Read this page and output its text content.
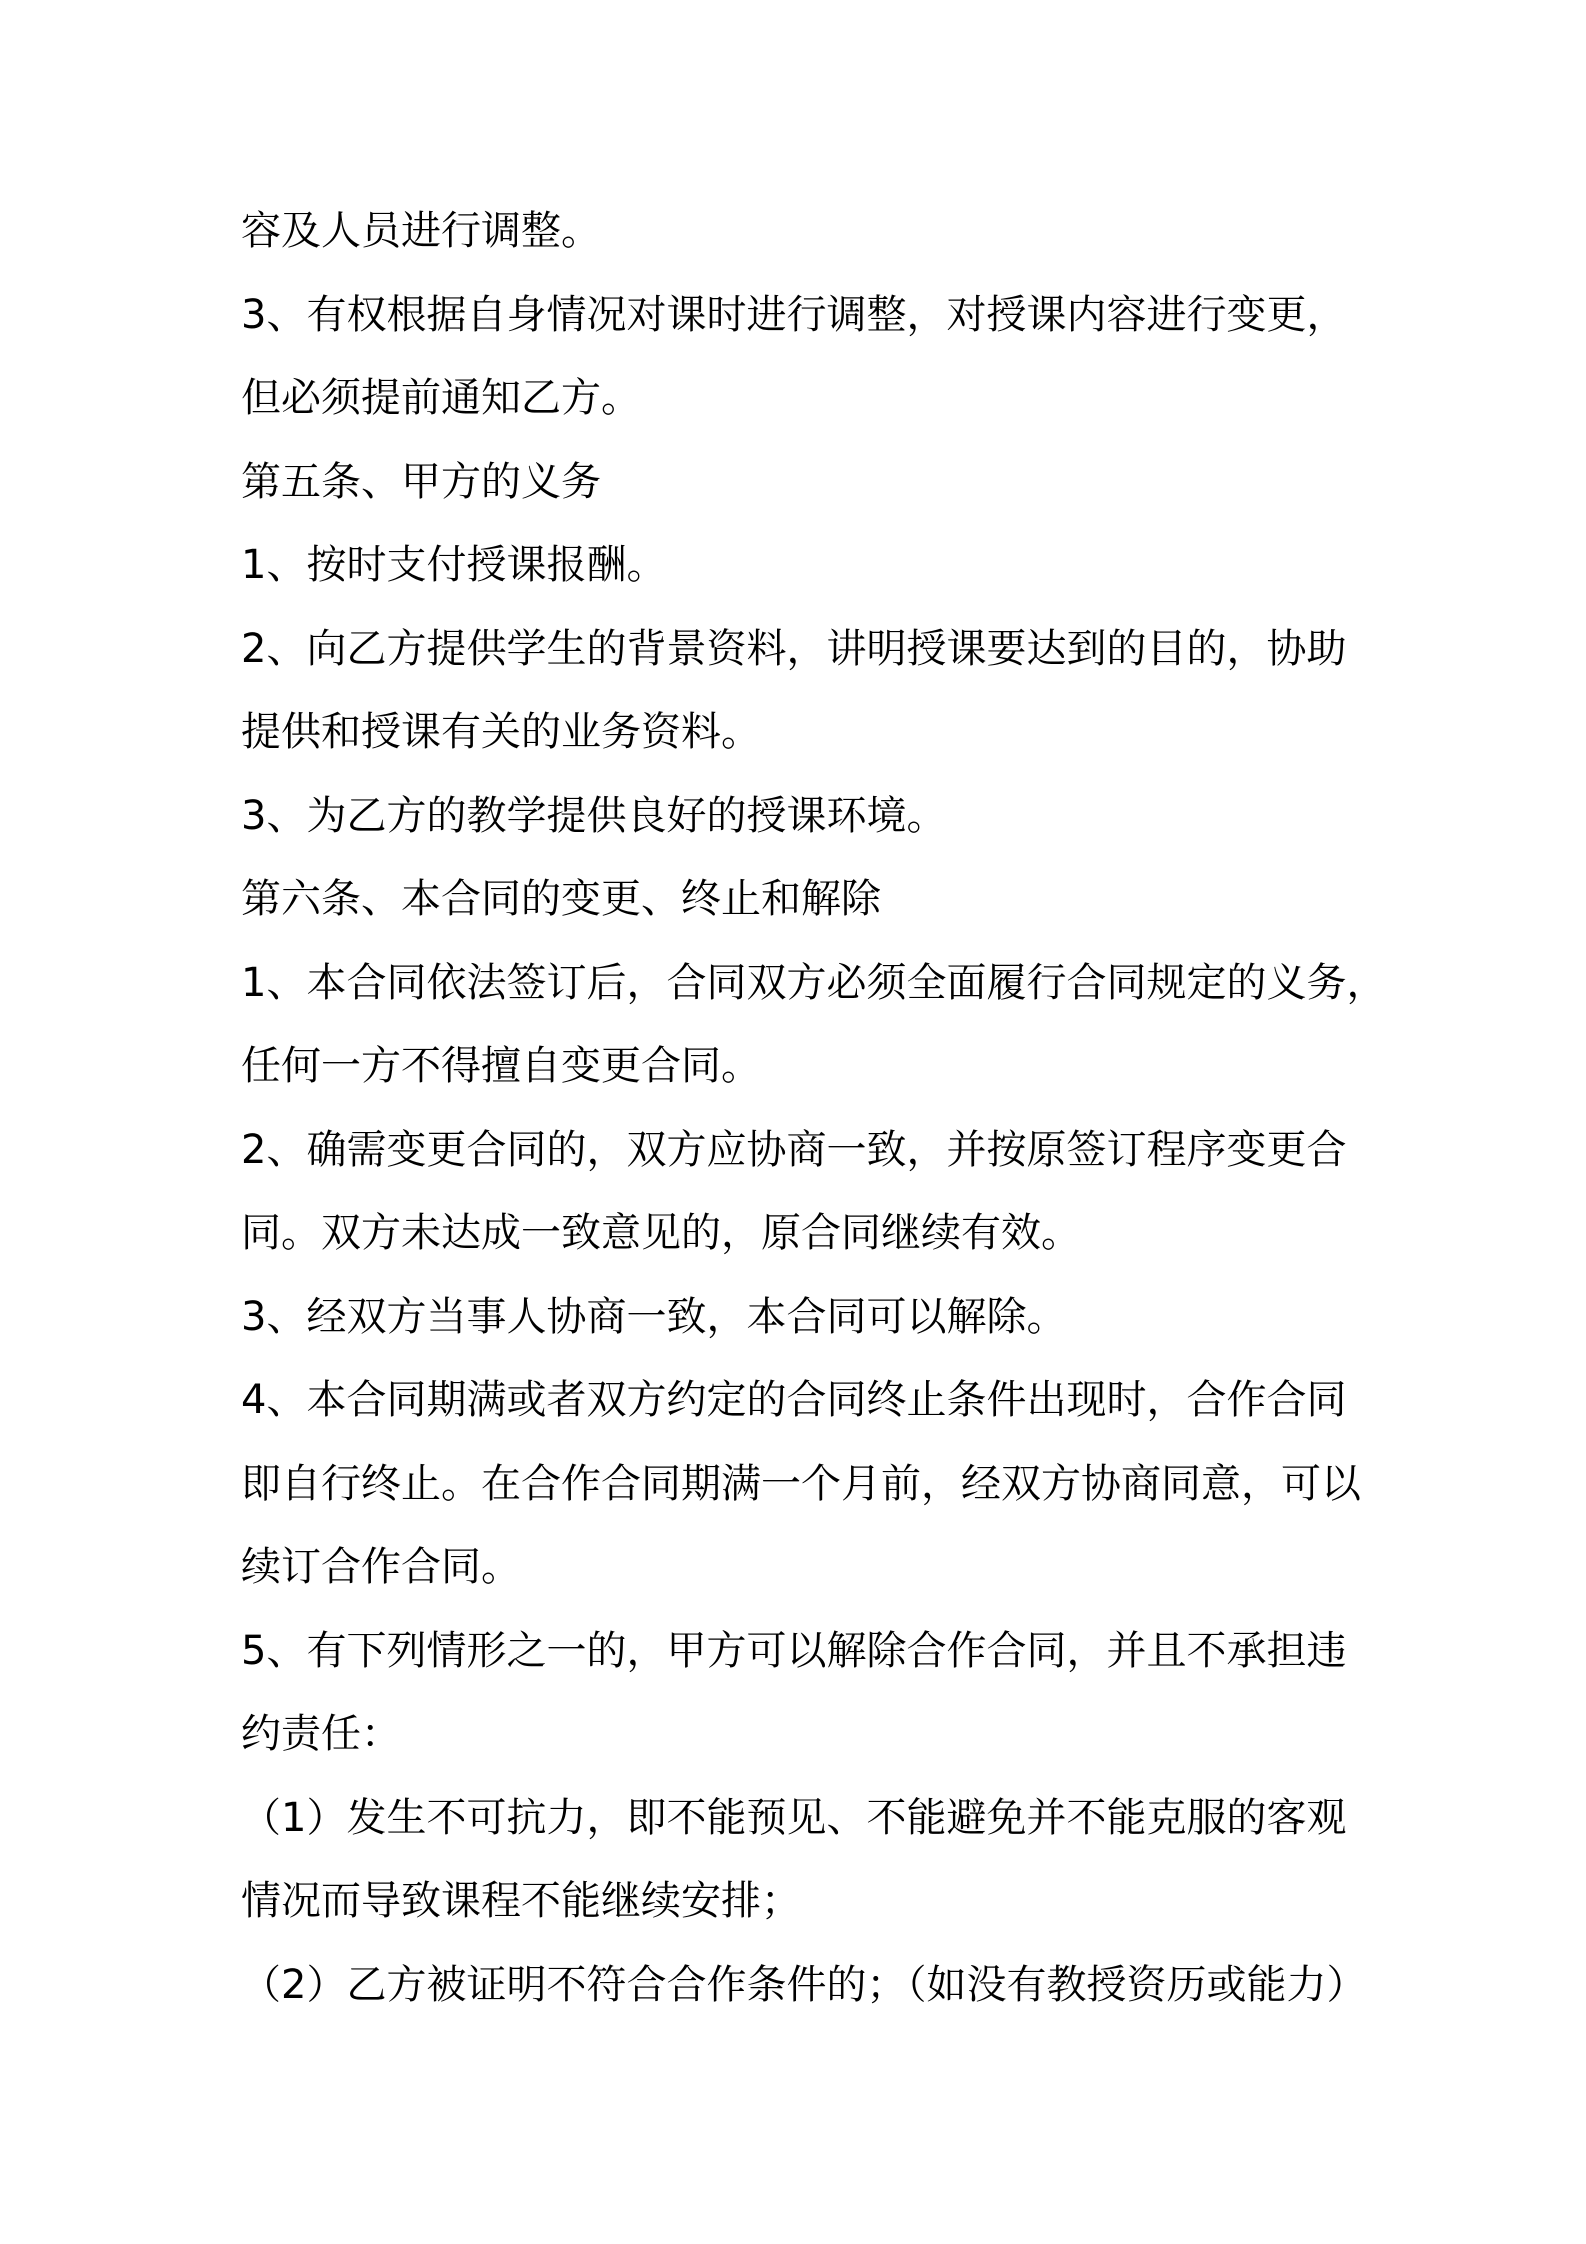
容及人员进行调整。
3、有权根据自身情况对课时进行调整，对授课内容进行变更，
但必须提前通知乙方。
第五条、甲方的义务
1、按时支付授课报酬。
2、向乙方提供学生的背景资料，讲明授课要达到的目的，协助
提供和授课有关的业务资料。
3、为乙方的教学提供良好的授课环境。
第六条、本合同的变更、终止和解除
1、本合同依法签订后，合同双方必须全面履行合同规定的义务，
任何一方不得擅自变更合同。
2、确需变更合同的，双方应协商一致，并按原签订程序变更合
同。双方未达成一致意见的，原合同继续有效。
3、经双方当事人协商一致，本合同可以解除。
4、本合同期满或者双方约定的合同终止条件出现时，合作合同
即自行终止。在合作合同期满一个月前，经双方协商同意，可以
续订合作合同。
5、有下列情形之一的，甲方可以解除合作合同，并且不承担违
约责任：
（1）发生不可抗力，即不能预见、不能避免并不能克服的客观
情况而导致课程不能继续安排；
（2）乙方被证明不符合合作条件的；（如没有教授资历或能力）
